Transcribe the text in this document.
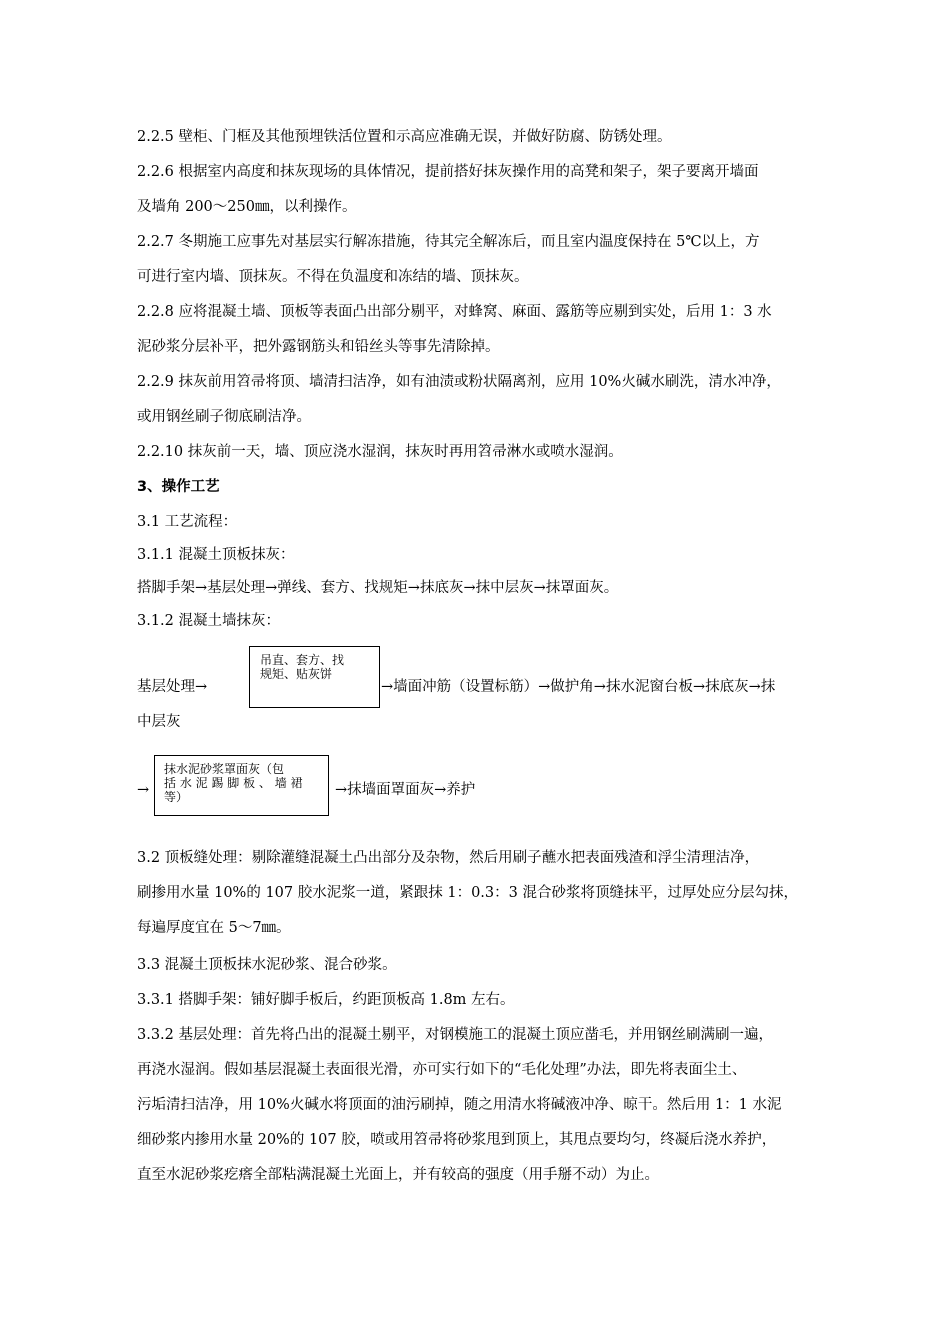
2.2.5 壁柜、门框及其他预埋铁活位置和示高应准确无误，并做好防腐、防锈处理。
2.2.6 根据室内高度和抹灰现场的具体情况，提前搭好抹灰操作用的高凳和架子，架子要离开墙面
及墙角 200～250㎜，以利操作。
2.2.7 冬期施工应事先对基层实行解冻措施，待其完全解冻后，而且室内温度保持在 5℃以上，方
可进行室内墙、顶抹灰。不得在负温度和冻结的墙、顶抹灰。
2.2.8 应将混凝土墙、顶板等表面凸出部分剔平，对蜂窝、麻面、露筋等应剔到实处，后用 1：3 水
泥砂浆分层补平，把外露钢筋头和铅丝头等事先清除掉。
2.2.9 抹灰前用笤帚将顶、墙清扫洁净，如有油渍或粉状隔离剂，应用 10%火碱水刷洗，清水冲净，
或用钢丝刷子彻底刷洁净。
2.2.10 抹灰前一天，墙、顶应浇水湿润，抹灰时再用笤帚淋水或喷水湿润。
3、操作工艺
3.1 工艺流程：
3.1.1 混凝土顶板抹灰：
搭脚手架→基层处理→弹线、套方、找规矩→抹底灰→抹中层灰→抹罩面灰。
3.1.2 混凝土墙抹灰：
基层处理→
吊直、套方、找
规矩、贴灰饼
→墙面冲筋（设置标筋）→做护角→抹水泥窗台板→抹底灰→抹
中层灰
→
抹水泥砂浆罩面灰（包
括 水 泥 踢 脚 板 、 墙 裙
等）	→抹墙面罩面灰→养护
3.2 顶板缝处理：剔除灌缝混凝土凸出部分及杂物，然后用刷子蘸水把表面残渣和浮尘清理洁净，
刷掺用水量 10%的 107 胶水泥浆一道，紧跟抹 1：0.3：3 混合砂浆将顶缝抹平，过厚处应分层勾抹，
每遍厚度宜在 5～7㎜。
3.3 混凝土顶板抹水泥砂浆、混合砂浆。
3.3.1 搭脚手架：铺好脚手板后，约距顶板高 1.8m 左右。
3.3.2 基层处理：首先将凸出的混凝土剔平，对钢模施工的混凝土顶应凿毛，并用钢丝刷满刷一遍，
再浇水湿润。假如基层混凝土表面很光滑，亦可实行如下的“毛化处理”办法，即先将表面尘土、
污垢清扫洁净，用 10%火碱水将顶面的油污刷掉，随之用清水将碱液冲净、晾干。然后用 1：1 水泥
细砂浆内掺用水量 20%的 107 胶，喷或用笤帚将砂浆甩到顶上，其甩点要均匀，终凝后浇水养护，
直至水泥砂浆疙瘩全部粘满混凝土光面上，并有较高的强度（用手掰不动）为止。
